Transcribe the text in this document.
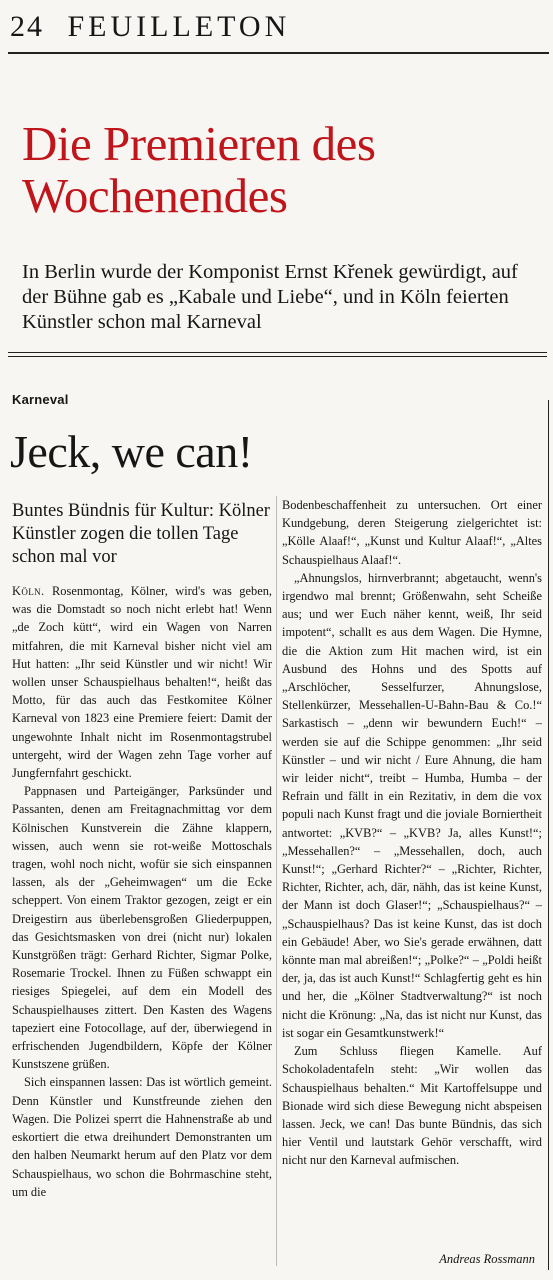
24 FEUILLETON
Die Premieren des Wochenendes
In Berlin wurde der Komponist Ernst Křenek gewürdigt, auf der Bühne gab es „Kabale und Liebe“, und in Köln feierten Künstler schon mal Karneval
Karneval
Jeck, we can!
Buntes Bündnis für Kultur: Kölner Künstler zogen die tollen Tage schon mal vor

Köln. Rosenmontag, Kölner, wird's was geben, was die Domstadt so noch nicht erlebt hat! Wenn „de Zoch kütt“, wird ein Wagen von Narren mitfahren, die mit Karneval bisher nicht viel am Hut hatten: „Ihr seid Künstler und wir nicht! Wir wollen unser Schauspielhaus behalten!“, heißt das Motto, für das auch das Festkomitee Kölner Karneval von 1823 eine Premiere feiert: Damit der ungewohnte Inhalt nicht im Rosenmontagstrubel untergeht, wird der Wagen zehn Tage vorher auf Jungfernfahrt geschickt.

Pappnasen und Parteigänger, Parksünder und Passanten, denen am Freitagnachmittag vor dem Kölnischen Kunstverein die Zähne klappern, wissen, auch wenn sie rot-weiße Mottoschals tragen, wohl noch nicht, wofür sie sich einspannen lassen, als der „Geheimwagen“ um die Ecke scheppert. Von einem Traktor gezogen, zeigt er ein Dreigestirn aus überlebensgroßen Gliederpuppen, das Gesichtsmasken von drei (nicht nur) lokalen Kunstgrößen trägt: Gerhard Richter, Sigmar Polke, Rosemarie Trockel. Ihnen zu Füßen schwappt ein riesiges Spiegelei, auf dem ein Modell des Schauspielhauses zittert. Den Kasten des Wagens tapeziert eine Fotocollage, auf der, überwiegend in erfrischenden Jugendbildern, Köpfe der Kölner Kunstszene grüßen.

Sich einspannen lassen: Das ist wörtlich gemeint. Denn Künstler und Kunstfreunde ziehen den Wagen. Die Polizei sperrt die Hahnenstraße ab und eskortiert die etwa dreihundert Demonstranten um den halben Neumarkt herum auf den Platz vor dem Schauspielhaus, wo schon die Bohrmaschine steht, um die

Bodenbeschaffenheit zu untersuchen. Ort einer Kundgebung, deren Steigerung zielgerichtet ist: „Kölle Alaaf!“, „Kunst und Kultur Alaaf!“, „Altes Schauspielhaus Alaaf!“.

„Ahnungslos, hirnverbrannt; abgetaucht, wenn's irgendwo mal brennt; Größenwahn, seht Scheiße aus; und wer Euch näher kennt, weiß, Ihr seid impotent“, schallt es aus dem Wagen. Die Hymne, die die Aktion zum Hit machen wird, ist ein Ausbund des Hohns und des Spotts auf „Arschlöcher, Sesselfurzer, Ahnungslose, Stellenkürzer, Messehallen-U-Bahn-Bau & Co.!“ Sarkastisch – „denn wir bewundern Euch!“ – werden sie auf die Schippe genommen: „Ihr seid Künstler – und wir nicht / Eure Ahnung, die ham wir leider nicht“, treibt – Humba, Humba – der Refrain und fällt in ein Rezitativ, in dem die vox populi nach Kunst fragt und die joviale Borniertheit antwortet: „KVB?“ – „KVB? Ja, alles Kunst!“; „Messehallen?“ – „Messehallen, doch, auch Kunst!“; „Gerhard Richter?“ – „Richter, Richter, Richter, Richter, ach, där, nähh, das ist keine Kunst, der Mann ist doch Glaser!“; „Schauspielhaus?“ – „Schauspielhaus? Das ist keine Kunst, das ist doch ein Gebäude! Aber, wo Sie's gerade erwähnen, datt könnte man mal abreißen!“; „Polke?“ – „Poldi heißt der, ja, das ist auch Kunst!“ Schlagfertig geht es hin und her, die „Kölner Stadtverwaltung?“ ist noch nicht die Krönung: „Na, das ist nicht nur Kunst, das ist sogar ein Gesamtkunstwerk!“

Zum Schluss fliegen Kamelle. Auf Schokoladentafeln steht: „Wir wollen das Schauspielhaus behalten.“ Mit Kartoffelsuppe und Bionade wird sich diese Bewegung nicht abspeisen lassen. Jeck, we can! Das bunte Bündnis, das sich hier Ventil und lautstark Gehör verschafft, wird nicht nur den Karneval aufmischen.

Andreas Rossmann
